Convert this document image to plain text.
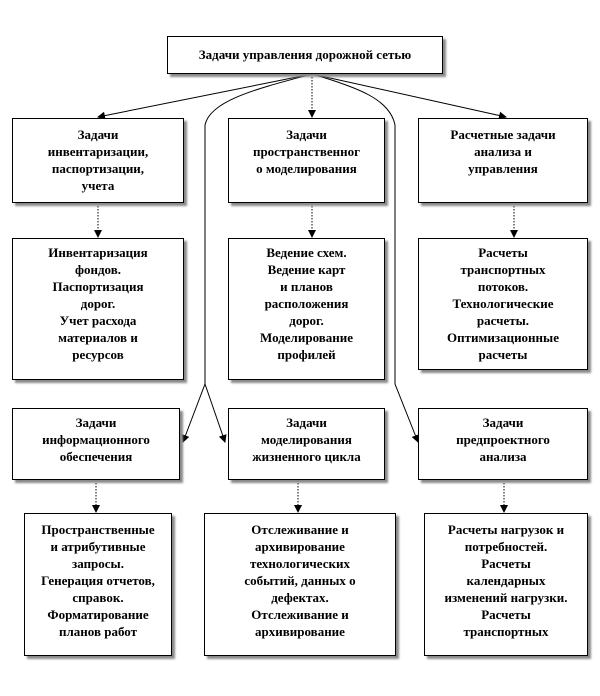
Задачи управления дорожной сетью
Задачи
инвентаризации,
паспортизации,
учета
Задачи
пространственног
о моделирования
Расчетные задачи
анализа и
управления
Инвентаризация
фондов.
Паспортизация
дорог.
Учет расхода
материалов и
ресурсов
Ведение схем.
Ведение карт
и планов
расположения
дорог.
Моделирование
профилей
Расчеты
транспортных
потоков.
Технологические
расчеты.
Оптимизационные
расчеты
Задачи
информационного
обеспечения
Задачи
моделирования
жизненного цикла
Задачи
предпроектного
анализа
Пространственные
и атрибутивные
запросы.
Генерация отчетов,
справок.
Форматирование
планов работ
Отслеживание и
архивирование
технологических
событий, данных о
дефектах.
Отслеживание и
архивирование
Расчеты нагрузок и
потребностей.
Расчеты
календарных
изменений нагрузки.
Расчеты
транспортных
